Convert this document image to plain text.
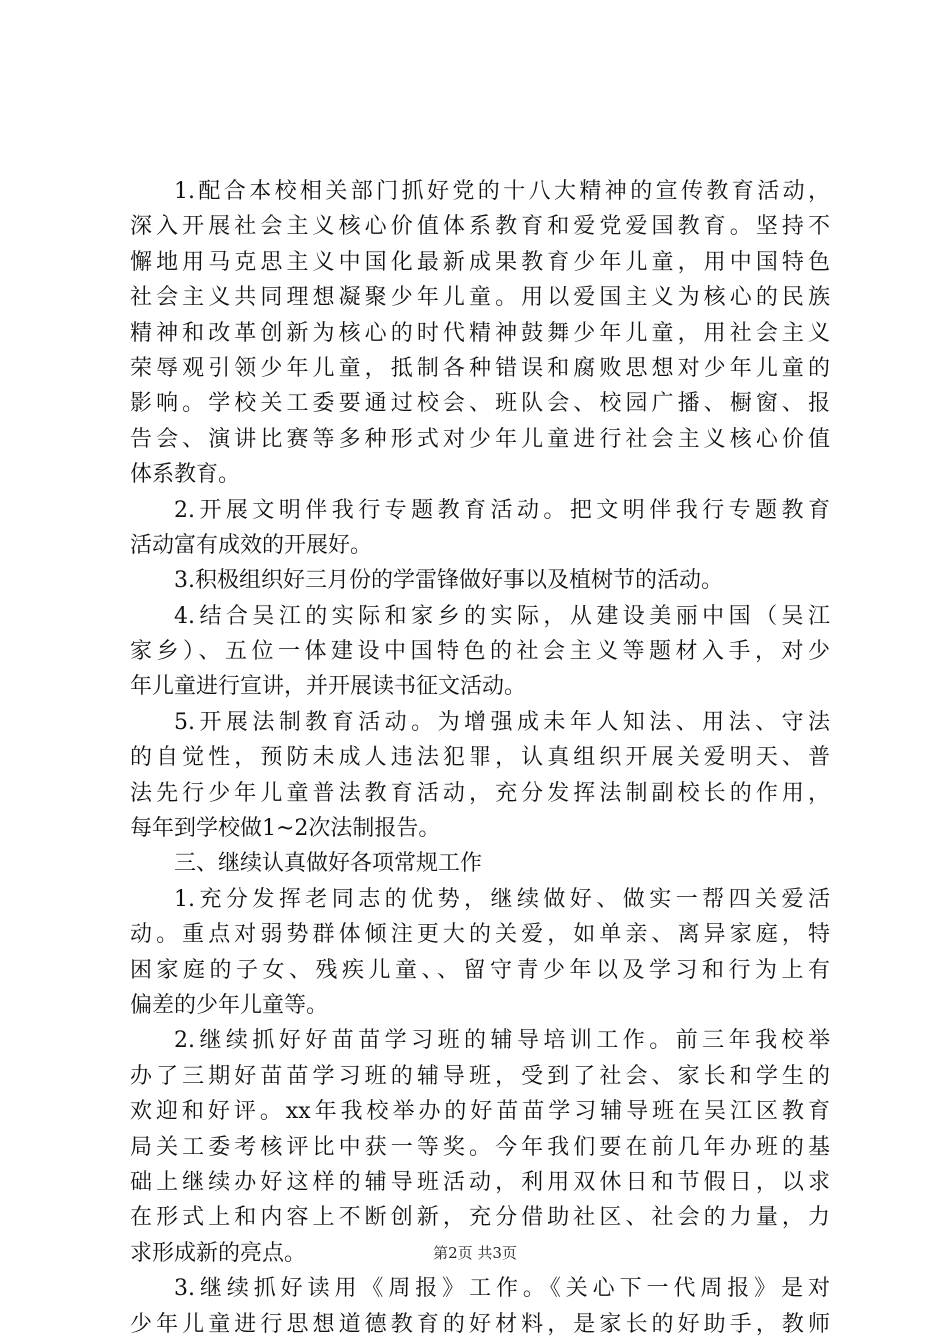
1.配合本校相关部门抓好党的十八大精神的宣传教育活动，
深入开展社会主义核心价值体系教育和爱党爱国教育。坚持不
懈地用马克思主义中国化最新成果教育少年儿童，用中国特色
社会主义共同理想凝聚少年儿童。用以爱国主义为核心的民族
精神和改革创新为核心的时代精神鼓舞少年儿童，用社会主义
荣辱观引领少年儿童，抵制各种错误和腐败思想对少年儿童的
影响。学校关工委要通过校会、班队会、校园广播、橱窗、报
告会、演讲比赛等多种形式对少年儿童进行社会主义核心价值
体系教育。
2.开展文明伴我行专题教育活动。把文明伴我行专题教育
活动富有成效的开展好。
3.积极组织好三月份的学雷锋做好事以及植树节的活动。
4.结合吴江的实际和家乡的实际，从建设美丽中国（吴江
家乡）、五位一体建设中国特色的社会主义等题材入手，对少
年儿童进行宣讲，并开展读书征文活动。
5.开展法制教育活动。为增强成未年人知法、用法、守法
的自觉性，预防未成人违法犯罪，认真组织开展关爱明天、普
法先行少年儿童普法教育活动，充分发挥法制副校长的作用，
每年到学校做1~2次法制报告。
三、继续认真做好各项常规工作
1.充分发挥老同志的优势，继续做好、做实一帮四关爱活
动。重点对弱势群体倾注更大的关爱，如单亲、离异家庭，特
困家庭的子女、残疾儿童、、留守青少年以及学习和行为上有
偏差的少年儿童等。
2.继续抓好好苗苗学习班的辅导培训工作。前三年我校举
办了三期好苗苗学习班的辅导班，受到了社会、家长和学生的
欢迎和好评。xx年我校举办的好苗苗学习辅导班在吴江区教育
局关工委考核评比中获一等奖。今年我们要在前几年办班的基
础上继续办好这样的辅导班活动，利用双休日和节假日，以求
在形式上和内容上不断创新，充分借助社区、社会的力量，力
求形成新的亮点。
3.继续抓好读用《周报》工作。《关心下一代周报》是对
少年儿童进行思想道德教育的好材料，是家长的好助手，教师
第2页 共3页
